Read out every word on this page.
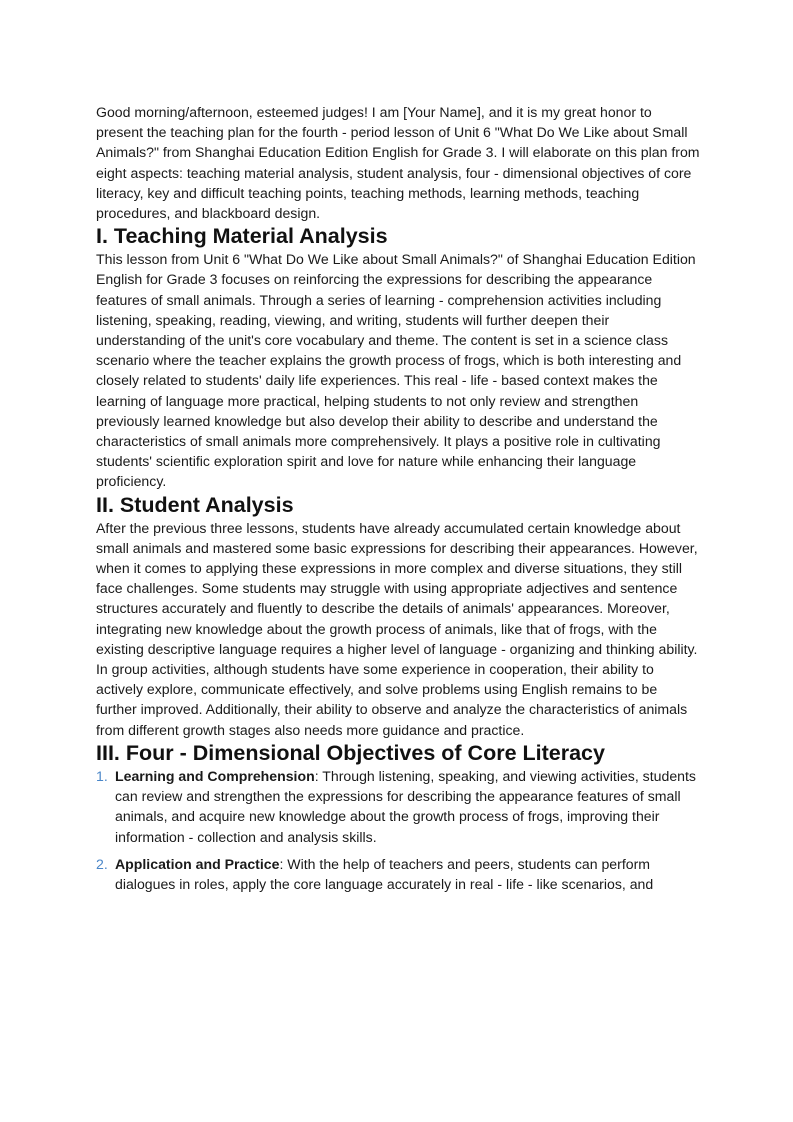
Good morning/afternoon, esteemed judges! I am [Your Name], and it is my great honor to present the teaching plan for the fourth - period lesson of Unit 6 "What Do We Like about Small Animals?" from Shanghai Education Edition English for Grade 3. I will elaborate on this plan from eight aspects: teaching material analysis, student analysis, four - dimensional objectives of core literacy, key and difficult teaching points, teaching methods, learning methods, teaching procedures, and blackboard design.

I. Teaching Material Analysis

This lesson from Unit 6 "What Do We Like about Small Animals?" of Shanghai Education Edition English for Grade 3 focuses on reinforcing the expressions for describing the appearance features of small animals. Through a series of learning - comprehension activities including listening, speaking, reading, viewing, and writing, students will further deepen their understanding of the unit's core vocabulary and theme. The content is set in a science class scenario where the teacher explains the growth process of frogs, which is both interesting and closely related to students' daily life experiences. This real - life - based context makes the learning of language more practical, helping students to not only review and strengthen previously learned knowledge but also develop their ability to describe and understand the characteristics of small animals more comprehensively. It plays a positive role in cultivating students' scientific exploration spirit and love for nature while enhancing their language proficiency.

II. Student Analysis

After the previous three lessons, students have already accumulated certain knowledge about small animals and mastered some basic expressions for describing their appearances. However, when it comes to applying these expressions in more complex and diverse situations, they still face challenges. Some students may struggle with using appropriate adjectives and sentence structures accurately and fluently to describe the details of animals' appearances. Moreover, integrating new knowledge about the growth process of animals, like that of frogs, with the existing descriptive language requires a higher level of language - organizing and thinking ability. In group activities, although students have some experience in cooperation, their ability to actively explore, communicate effectively, and solve problems using English remains to be further improved. Additionally, their ability to observe and analyze the characteristics of animals from different growth stages also needs more guidance and practice.

III. Four - Dimensional Objectives of Core Literacy
1. Learning and Comprehension: Through listening, speaking, and viewing activities, students can review and strengthen the expressions for describing the appearance features of small animals, and acquire new knowledge about the growth process of frogs, improving their information - collection and analysis skills.
2. Application and Practice: With the help of teachers and peers, students can perform dialogues in roles, apply the core language accurately in real - life - like scenarios, and
